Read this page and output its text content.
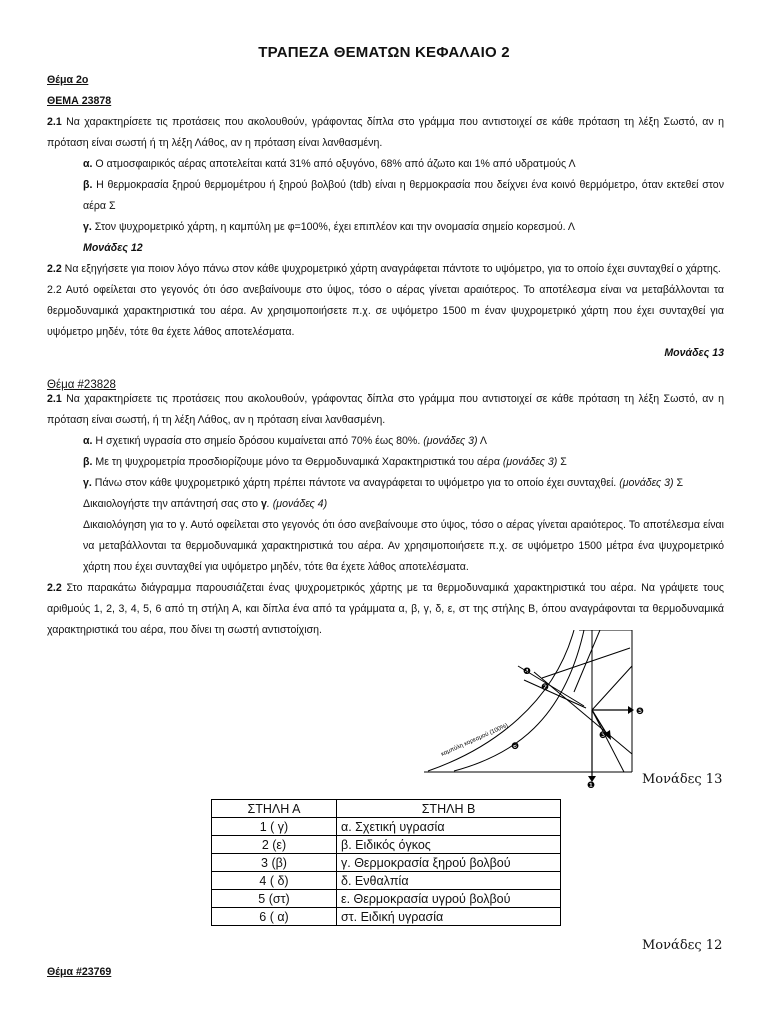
ΤΡΑΠΕΖΑ ΘΕΜΑΤΩΝ ΚΕΦΑΛΑΙΟ 2

Θέμα 2ο

ΘΕΜΑ 23878

2.1 Να χαρακτηρίσετε τις προτάσεις που ακολουθούν, γράφοντας δίπλα στο γράμμα που αντιστοιχεί σε κάθε πρόταση τη λέξη Σωστό, αν η πρόταση είναι σωστή ή τη λέξη Λάθος, αν η πρόταση είναι λανθασμένη.

α. Ο ατμοσφαιρικός αέρας αποτελείται κατά 31% από οξυγόνο, 68% από άζωτο και 1% από υδρατμούς Λ

β. Η θερμοκρασία ξηρού θερμομέτρου ή ξηρού βολβού (tdb) είναι η θερμοκρασία που δείχνει ένα κοινό θερμόμετρο, όταν εκτεθεί στον αέρα Σ

γ. Στον ψυχρομετρικό χάρτη, η καμπύλη με φ=100%, έχει επιπλέον και την ονομασία σημείο κορεσμού. Λ

Μονάδες 12

2.2 Να εξηγήσετε για ποιον λόγο πάνω στον κάθε ψυχρομετρικό χάρτη αναγράφεται πάντοτε το υψόμετρο, για το οποίο έχει συνταχθεί ο χάρτης.

2.2 Αυτό οφείλεται στο γεγονός ότι όσο ανεβαίνουμε στο ύψος, τόσο ο αέρας γίνεται αραιότερος. Το αποτέλεσμα είναι να μεταβάλλονται τα θερμοδυναμικά χαρακτηριστικά του αέρα. Αν χρησιμοποιήσετε π.χ. σε υψόμετρο 1500 m έναν ψυχρομετρικό χάρτη που έχει συνταχθεί για υψόμετρο μηδέν, τότε θα έχετε λάθος αποτελέσματα.

Μονάδες 13

Θέμα #23828

2.1 Να χαρακτηρίσετε τις προτάσεις που ακολουθούν, γράφοντας δίπλα στο γράμμα που αντιστοιχεί σε κάθε πρόταση τη λέξη Σωστό, αν η πρόταση είναι σωστή, ή τη λέξη Λάθος, αν η πρόταση είναι λανθασμένη.

α. Η σχετική υγρασία στο σημείο δρόσου κυμαίνεται από 70% έως 80%. (μονάδες 3) Λ

β. Με τη ψυχρομετρία προσδιορίζουμε μόνο τα Θερμοδυναμικά Χαρακτηριστικά του αέρα (μονάδες 3) Σ

γ. Πάνω στον κάθε ψυχρομετρικό χάρτη πρέπει πάντοτε να αναγράφεται το υψόμετρο για το οποίο έχει συνταχθεί. (μονάδες 3) Σ

Δικαιολογήστε την απάντησή σας στο γ. (μονάδες 4)

Δικαιολόγηση για το γ. Αυτό οφείλεται στο γεγονός ότι όσο ανεβαίνουμε στο ύψος, τόσο ο αέρας γίνεται αραιότερος. Το αποτέλεσμα είναι να μεταβάλλονται τα θερμοδυναμικά χαρακτηριστικά του αέρα. Αν χρησιμοποιήσετε π.χ. σε υψόμετρο 1500 μέτρα ένα ψυχρομετρικό χάρτη που έχει συνταχθεί για υψόμετρο μηδέν, τότε θα έχετε λάθος αποτελέσματα.

2.2 Στο παρακάτω διάγραμμα παρουσιάζεται ένας ψυχρομετρικός χάρτης με τα θερμοδυναμικά χαρακτηριστικά του αέρα. Να γράψετε τους αριθμούς 1, 2, 3, 4, 5, 6 από τη στήλη Α, και δίπλα ένα από τα γράμματα α, β, γ, δ, ε, στ της στήλης Β, όπου αναγράφονται τα θερμοδυναμικά χαρακτηριστικά του αέρα, που δίνει τη σωστή αντιστοίχιση.

καμπύλη κορεσμού (100%)
❶
❷
❸
❹
❺
❻
Μονάδες 13
ΣΤΗΛΗ Α	ΣΤΗΛΗ Β
1 ( γ)	α. Σχετική υγρασία
2 (ε)	β. Ειδικός όγκος
3 (β)	γ. Θερμοκρασία ξηρού βολβού
4 ( δ)	δ. Ενθαλπία
5 (στ)	ε. Θερμοκρασία υγρού βολβού
6 ( α)	στ. Ειδική υγρασία
Μονάδες 12

Θέμα #23769
